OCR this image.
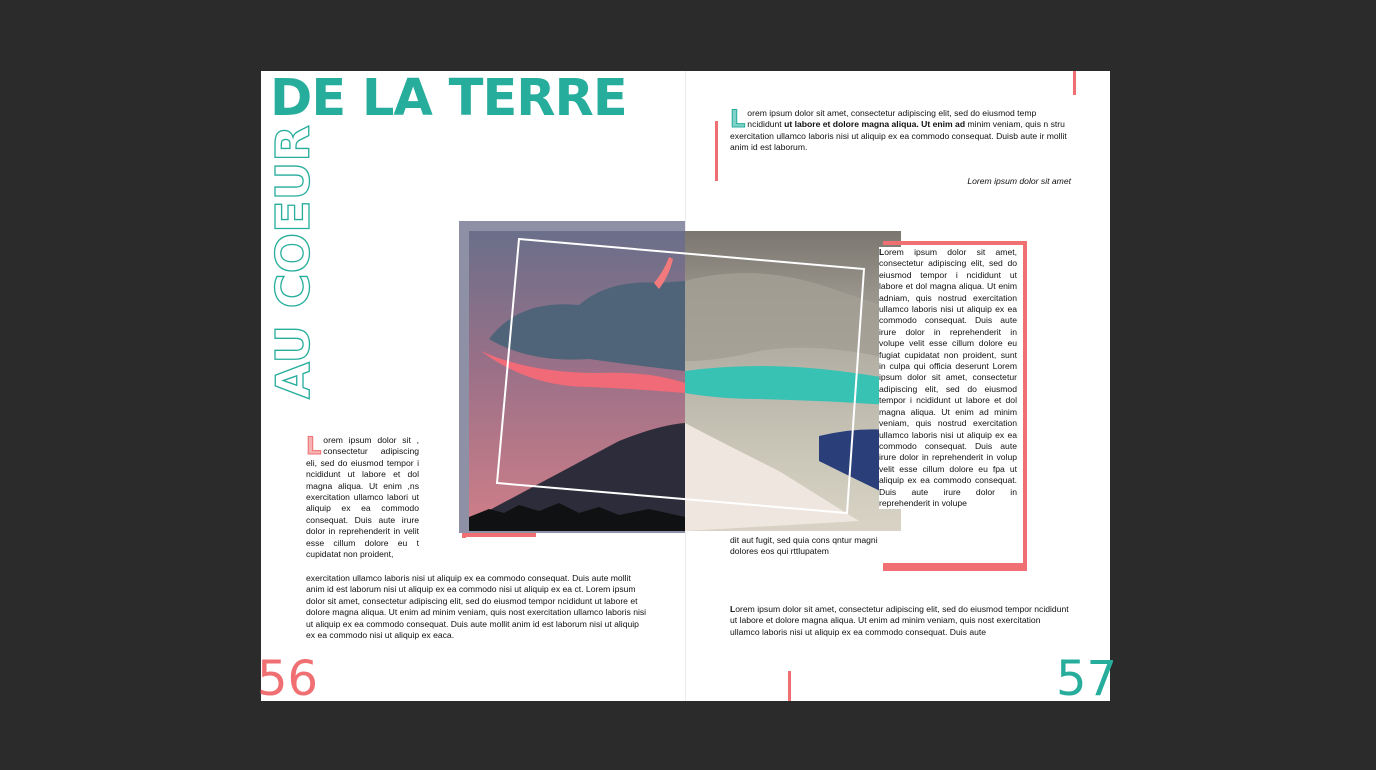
DE LA TERRE
AU COEUR
Lorem ipsum dolor sit amet, consectetur adipiscing elit, sed do eiusmod temp ncididunt ut labore et dolore magna aliqua. Ut enim ad minim veniam, quis n stru exercitation ullamco laboris nisi ut aliquip ex ea commodo consequat. Duisb aute ir mollit anim id est laborum.
Lorem ipsum dolor sit amet
Lorem ipsum dolor sit amet, consectetur adipiscing elit, sed do eiusmod tempor i ncididunt ut labore et dol magna aliqua. Ut enim adniam, quis nostrud exercitation ullamco laboris nisi ut aliquip ex ea commodo consequat. Duis aute irure dolor in reprehenderit in volupe velit esse cillum dolore eu fugiat cupidatat non proident, sunt in culpa qui officia deserunt Lorem ipsum dolor sit amet, consectetur adipiscing elit, sed do eiusmod tempor i ncididunt ut labore et dol magna aliqua. Ut enim ad minim veniam, quis nostrud exercitation ullamco laboris nisi ut aliquip ex ea commodo consequat. Duis aute irure dolor in reprehenderit in volup velit esse cillum dolore eu fpa ut aliquip ex ea commodo consequat. Duis aute irure dolor in reprehenderit in volupe
dit aut fugit, sed quia cons qntur magni dolores eos qui rttlupatem
Lorem ipsum dolor sit , consectetur adipiscing eli, sed do eiusmod tempor i ncididunt ut labore et dol magna aliqua. Ut enim ,ns exercitation ullamco labori ut aliquip ex ea commodo consequat. Duis aute irure dolor in reprehenderit in velit esse cillum dolore eu t cupidatat non proident,
exercitation ullamco laboris nisi ut aliquip ex ea commodo consequat. Duis aute mollit anim id est laborum nisi ut aliquip ex ea commodo nisi ut aliquip ex ea ct. Lorem ipsum dolor sit amet, consectetur adipiscing elit, sed do eiusmod tempor ncididunt ut labore et dolore magna aliqua. Ut enim ad minim veniam, quis nost exercitation ullamco laboris nisi ut aliquip ex ea commodo consequat. Duis aute mollit anim id est laborum nisi ut aliquip ex ea commodo nisi ut aliquip ex eaca.
Lorem ipsum dolor sit amet, consectetur adipiscing elit, sed do eiusmod tempor ncididunt ut labore et dolore magna aliqua. Ut enim ad minim veniam, quis nost exercitation ullamco laboris nisi ut aliquip ex ea commodo consequat. Duis aute
56	57
